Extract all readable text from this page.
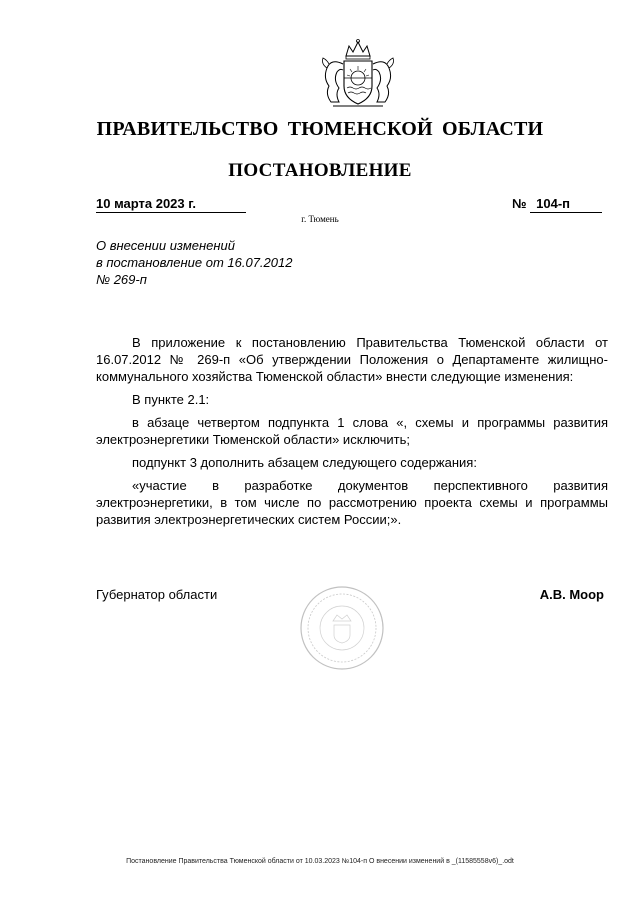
ПРАВИТЕЛЬСТВО ТЮМЕНСКОЙ ОБЛАСТИ
ПОСТАНОВЛЕНИЕ
10 марта 2023 г.	№ 104-п
г. Тюмень
О внесении изменений
в постановление от 16.07.2012
№ 269-п

В приложение к постановлению Правительства Тюменской области от 16.07.2012 № 269-п «Об утверждении Положения о Департаменте жилищно-коммунального хозяйства Тюменской области» внести следующие изменения:

В пункте 2.1:

в абзаце четвертом подпункта 1 слова «, схемы и программы развития электроэнергетики Тюменской области» исключить;

подпункт 3 дополнить абзацем следующего содержания:

«участие в разработке документов перспективного развития электроэнергетики, в том числе по рассмотрению проекта схемы и программы развития электроэнергетических систем России;».

Губернатор области	А.В. Моор
Постановление Правительства Тюменской области от 10.03.2023 №104-п О внесении изменений в _(11585558v6)_.odt
